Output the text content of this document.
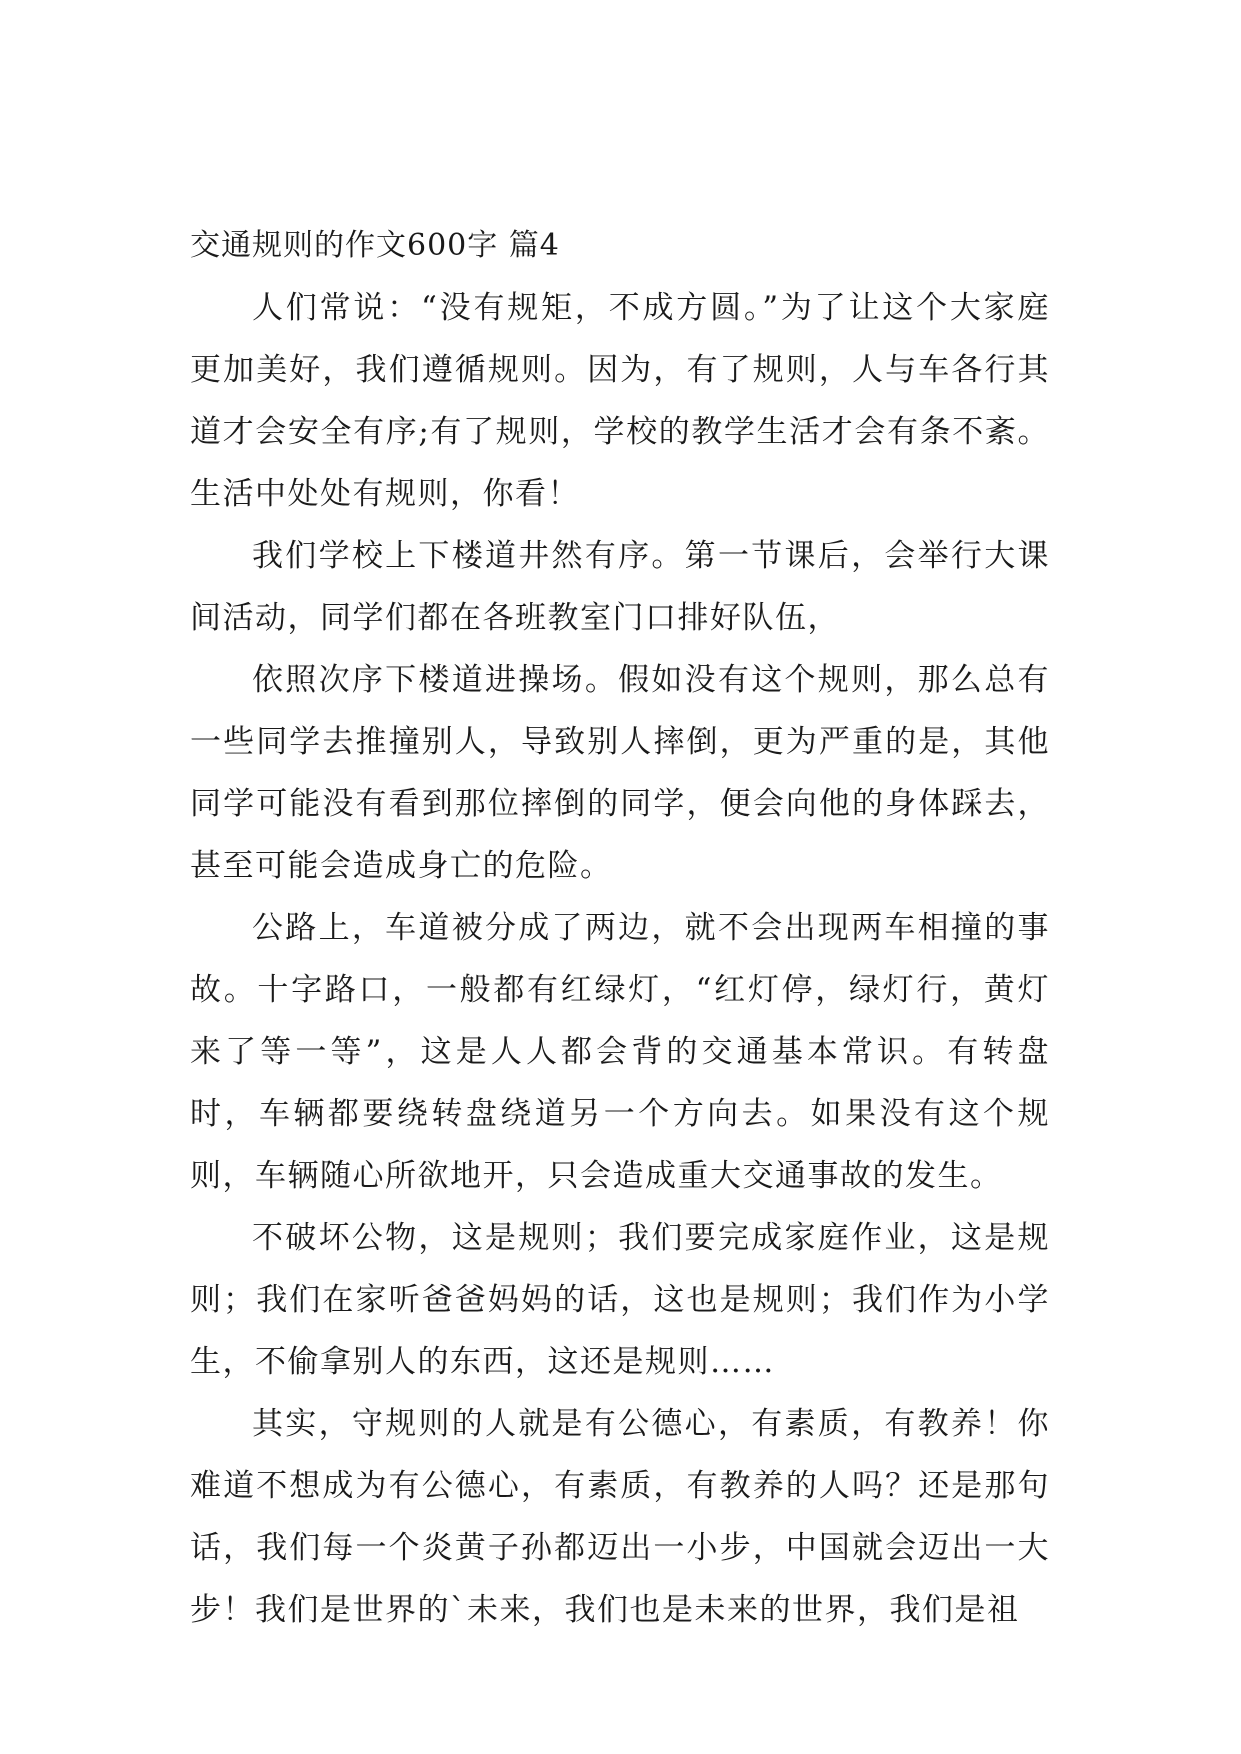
交通规则的作文600字 篇4

人们常说：“没有规矩，不成方圆。”为了让这个大家庭更加美好，我们遵循规则。因为，有了规则，人与车各行其道才会安全有序;有了规则，学校的教学生活才会有条不紊。生活中处处有规则，你看！

我们学校上下楼道井然有序。第一节课后，会举行大课间活动，同学们都在各班教室门口排好队伍，

依照次序下楼道进操场。假如没有这个规则，那么总有一些同学去推撞别人，导致别人摔倒，更为严重的是，其他同学可能没有看到那位摔倒的同学，便会向他的身体踩去，甚至可能会造成身亡的危险。

公路上，车道被分成了两边，就不会出现两车相撞的事故。十字路口，一般都有红绿灯，“红灯停，绿灯行，黄灯来了等一等”，这是人人都会背的交通基本常识。有转盘时，车辆都要绕转盘绕道另一个方向去。如果没有这个规则，车辆随心所欲地开，只会造成重大交通事故的发生。

不破坏公物，这是规则；我们要完成家庭作业，这是规则；我们在家听爸爸妈妈的话，这也是规则；我们作为小学生，不偷拿别人的东西，这还是规则……

其实，守规则的人就是有公德心，有素质，有教养！你难道不想成为有公德心，有素质，有教养的人吗？还是那句话，我们每一个炎黄子孙都迈出一小步，中国就会迈出一大步！我们是世界的`未来，我们也是未来的世界，我们是祖
